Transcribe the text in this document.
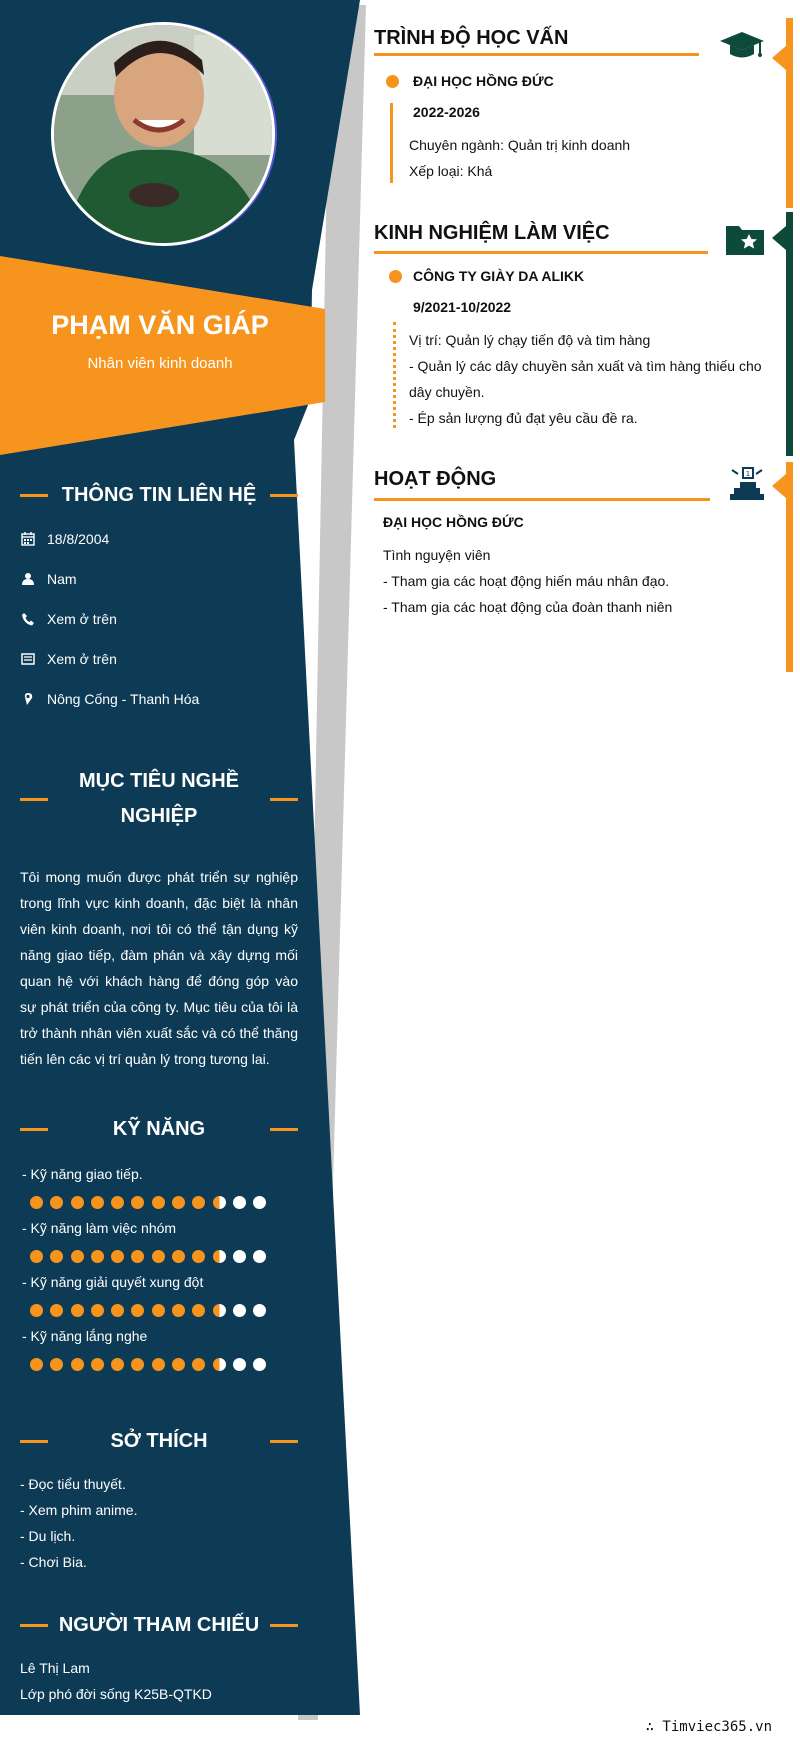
PHẠM VĂN GIÁP
Nhân viên kinh doanh
THÔNG TIN LIÊN HỆ
18/8/2004
Nam
Xem ở trên
Xem ở trên
Nông Cống - Thanh Hóa
MỤC TIÊU NGHỀ
NGHIỆP
Tôi mong muốn được phát triển sự nghiệp trong lĩnh vực kinh doanh, đặc biệt là nhân viên kinh doanh, nơi tôi có thể tận dụng kỹ năng giao tiếp, đàm phán và xây dựng mối quan hệ với khách hàng để đóng góp vào sự phát triển của công ty. Mục tiêu của tôi là trở thành nhân viên xuất sắc và có thể thăng tiến lên các vị trí quản lý trong tương lai.
KỸ NĂNG
- Kỹ năng giao tiếp.
- Kỹ năng làm việc nhóm
- Kỹ năng giải quyết xung đột
- Kỹ năng lắng nghe
SỞ THÍCH
- Đọc tiểu thuyết.
- Xem phim anime.
- Du lịch.
- Chơi Bia.
NGƯỜI THAM CHIẾU
Lê Thị Lam
Lớp phó đời sống K25B-QTKD
TRÌNH ĐỘ HỌC VẤN
ĐẠI HỌC HỒNG ĐỨC
2022-2026
Chuyên ngành: Quản trị kinh doanh
Xếp loại: Khá
KINH NGHIỆM LÀM VIỆC
CÔNG TY GIÀY DA ALIKK
9/2021-10/2022
Vị trí: Quản lý chạy tiến độ và tìm hàng
- Quản lý các dây chuyền sản xuất và tìm hàng thiếu cho
dây chuyền.
- Ép sản lượng đủ đạt yêu cầu đề ra.
HOẠT ĐỘNG	1
ĐẠI HỌC HỒNG ĐỨC
Tình nguyện viên
- Tham gia các hoạt động hiến máu nhân đạo.
- Tham gia các hoạt động của đoàn thanh niên
∴ Timviec365.vn
